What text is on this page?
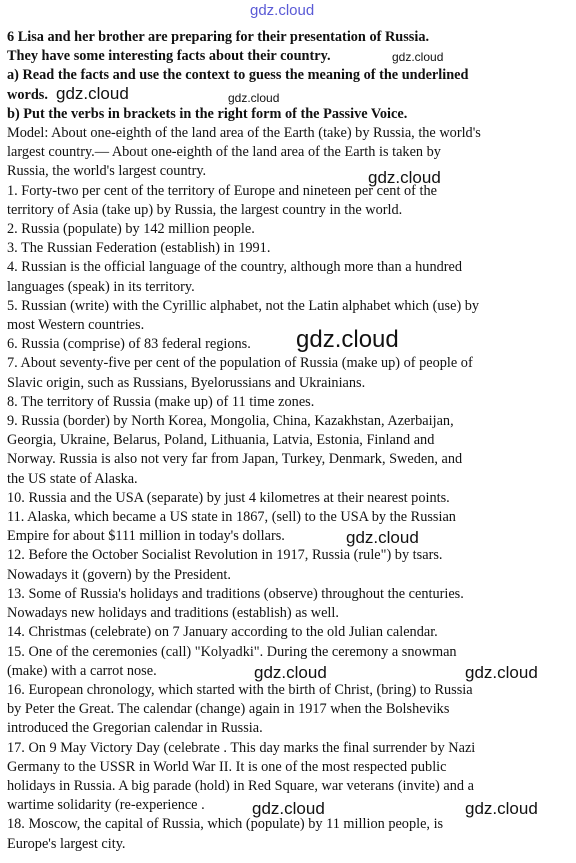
gdz.cloud
6 Lisa and her brother are preparing for their presentation of Russia.
They have some interesting facts about their country.
a) Read the facts and use the context to guess the meaning of the underlined
words.
b) Put the verbs in brackets in the right form of the Passive Voice.
Model: About one-eighth of the land area of the Earth (take) by Russia, the world's
largest country.— About one-eighth of the land area of the Earth is taken by
Russia, the world's largest country.
1. Forty-two per cent of the territory of Europe and nineteen per cent of the
territory of Asia (take up) by Russia, the largest country in the world.
2. Russia (populate) by 142 million people.
3. The Russian Federation (establish) in 1991.
4. Russian is the official language of the country, although more than a hundred
languages (speak) in its territory.
5. Russian (write) with the Cyrillic alphabet, not the Latin alphabet which (use) by
most Western countries.
6. Russia (comprise) of 83 federal regions.
7. About seventy-five per cent of the population of Russia (make up) of people of
Slavic origin, such as Russians, Byelorussians and Ukrainians.
8. The territory of Russia (make up) of 11 time zones.
9. Russia (border) by North Korea, Mongolia, China, Kazakhstan, Azerbaijan,
Georgia, Ukraine, Belarus, Poland, Lithuania, Latvia, Estonia, Finland and
Norway. Russia is also not very far from Japan, Turkey, Denmark, Sweden, and
the US state of Alaska.
10. Russia and the USA (separate) by just 4 kilometres at their nearest points.
11. Alaska, which became a US state in 1867, (sell) to the USA by the Russian
Empire for about $111 million in today's dollars.
12. Before the October Socialist Revolution in 1917, Russia (rule") by tsars.
Nowadays it (govern) by the President.
13. Some of Russia's holidays and traditions (observe) throughout the centuries.
Nowadays new holidays and traditions (establish) as well.
14. Christmas (celebrate) on 7 January according to the old Julian calendar.
15. One of the ceremonies (call) "Kolyadki". During the ceremony a snowman
(make) with a carrot nose.
16. European chronology, which started with the birth of Christ, (bring) to Russia
by Peter the Great. The calendar (change) again in 1917 when the Bolsheviks
introduced the Gregorian calendar in Russia.
17. On 9 May Victory Day (celebrate . This day marks the final surrender by Nazi
Germany to the USSR in World War II. It is one of the most respected public
holidays in Russia. A big parade (hold) in Red Square, war veterans (invite) and a
wartime solidarity (re-experience .
18. Moscow, the capital of Russia, which (populate) by 11 million people, is
Europe's largest city.
gdz.cloud
gdz.cloud	gdz.cloud
gdz.cloud
gdz.cloud
gdz.cloud
gdz.cloud	gdz.cloud
gdz.cloud	gdz.cloud
